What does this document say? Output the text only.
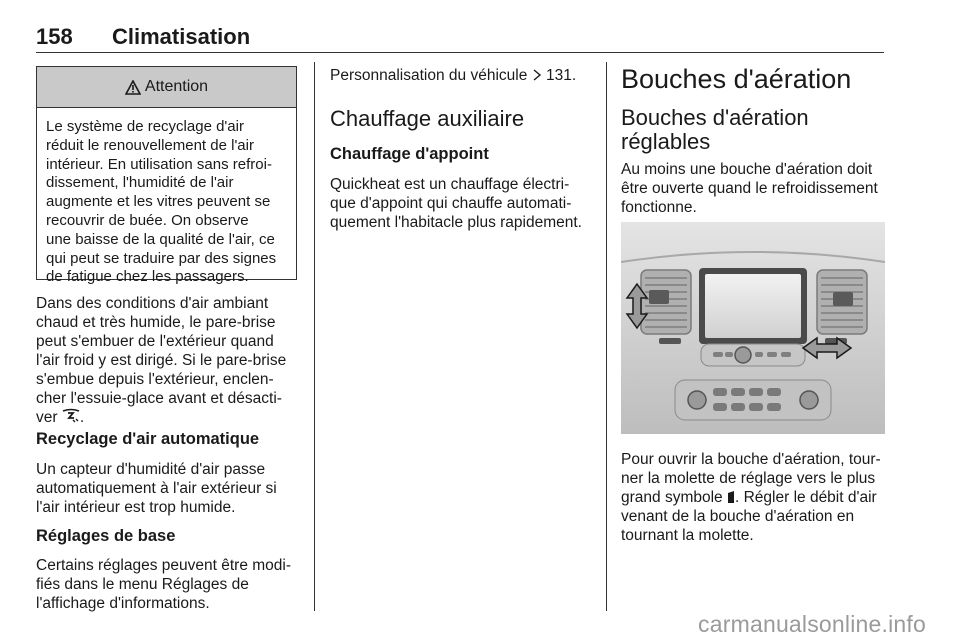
158 Climatisation
Attention
Le système de recyclage d'air
réduit le renouvellement de l'air
intérieur. En utilisation sans refroi-
dissement, l'humidité de l'air
augmente et les vitres peuvent se
recouvrir de buée. On observe
une baisse de la qualité de l'air, ce
qui peut se traduire par des signes
de fatigue chez les passagers.
Dans des conditions d'air ambiant
chaud et très humide, le pare-brise
peut s'embuer de l'extérieur quand
l'air froid y est dirigé. Si le pare-brise
s'embue depuis l'extérieur, enclen-
cher l'essuie-glace avant et désacti-
ver .
Recyclage d'air automatique
Un capteur d'humidité d'air passe
automatiquement à l'air extérieur si
l'air intérieur est trop humide.
Réglages de base
Certains réglages peuvent être modi-
fiés dans le menu Réglages de
l'affichage d'informations.
Personnalisation du véhicule 131.
Chauffage auxiliaire
Chauffage d'appoint
Quickheat est un chauffage électri-
que d'appoint qui chauffe automati-
quement l'habitacle plus rapidement.
Bouches d'aération
Bouches d'aération
réglables
Au moins une bouche d'aération doit
être ouverte quand le refroidissement
fonctionne.
Pour ouvrir la bouche d'aération, tour-
ner la molette de réglage vers le plus
grand symbole . Régler le débit d'air
venant de la bouche d'aération en
tournant la molette.
carmanualsonline.info
